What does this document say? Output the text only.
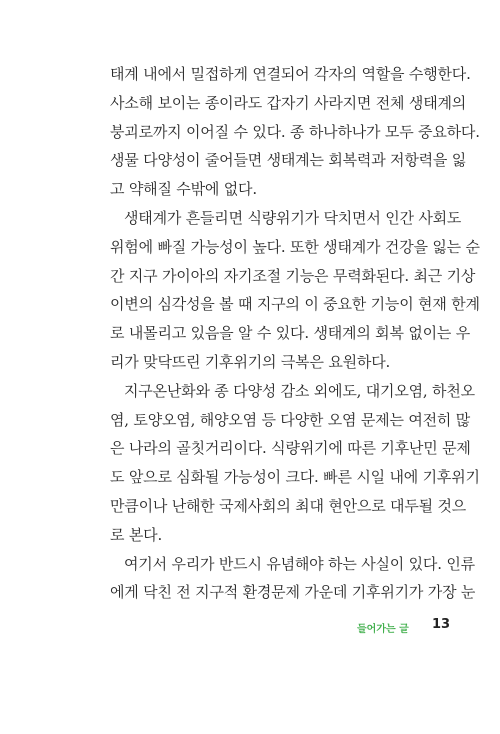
태계 내에서 밀접하게 연결되어 각자의 역할을 수행한다.
사소해 보이는 종이라도 갑자기 사라지면 전체 생태계의
붕괴로까지 이어질 수 있다. 종 하나하나가 모두 중요하다.
생물 다양성이 줄어들면 생태계는 회복력과 저항력을 잃
고 약해질 수밖에 없다.
생태계가 흔들리면 식량위기가 닥치면서 인간 사회도
위험에 빠질 가능성이 높다. 또한 생태계가 건강을 잃는 순
간 지구 가이아의 자기조절 기능은 무력화된다. 최근 기상
이변의 심각성을 볼 때 지구의 이 중요한 기능이 현재 한계
로 내몰리고 있음을 알 수 있다. 생태계의 회복 없이는 우
리가 맞닥뜨린 기후위기의 극복은 요원하다.
지구온난화와 종 다양성 감소 외에도, 대기오염, 하천오
염, 토양오염, 해양오염 등 다양한 오염 문제는 여전히 많
은 나라의 골칫거리이다. 식량위기에 따른 기후난민 문제
도 앞으로 심화될 가능성이 크다. 빠른 시일 내에 기후위기
만큼이나 난해한 국제사회의 최대 현안으로 대두될 것으
로 본다.
여기서 우리가 반드시 유념해야 하는 사실이 있다. 인류
에게 닥친 전 지구적 환경문제 가운데 기후위기가 가장 눈
들어가는 글 13
